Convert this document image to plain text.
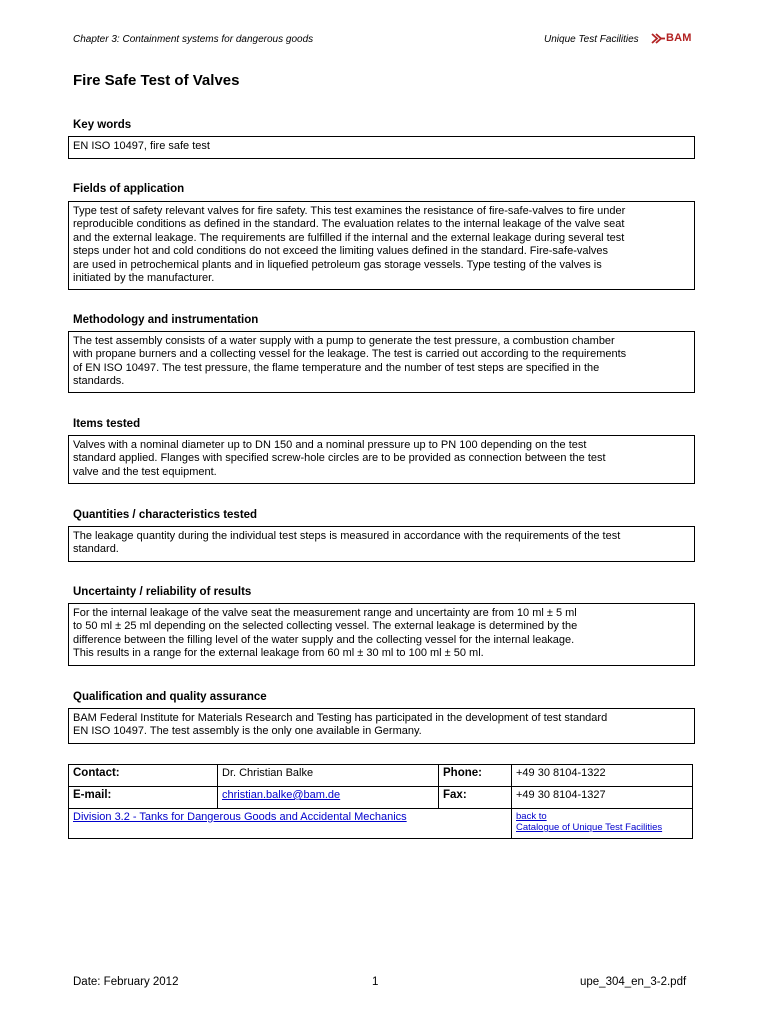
Chapter 3: Containment systems for dangerous goods	Unique Test Facilities BAM
Fire Safe Test of Valves
Key words
EN ISO 10497, fire safe test
Fields of application
Type test of safety relevant valves for fire safety. This test examines the resistance of fire-safe-valves to fire under
reproducible conditions as defined in the standard. The evaluation relates to the internal leakage of the valve seat
and the external leakage. The requirements are fulfilled if the internal and the external leakage during several test
steps under hot and cold conditions do not exceed the limiting values defined in the standard. Fire-safe-valves
are used in petrochemical plants and in liquefied petroleum gas storage vessels. Type testing of the valves is
initiated by the manufacturer.
Methodology and instrumentation
The test assembly consists of a water supply with a pump to generate the test pressure, a combustion chamber
with propane burners and a collecting vessel for the leakage. The test is carried out according to the requirements
of EN ISO 10497. The test pressure, the flame temperature and the number of test steps are specified in the
standards.
Items tested
Valves with a nominal diameter up to DN 150 and a nominal pressure up to PN 100 depending on the test
standard applied. Flanges with specified screw-hole circles are to be provided as connection between the test
valve and the test equipment.
Quantities / characteristics tested
The leakage quantity during the individual test steps is measured in accordance with the requirements of the test
standard.
Uncertainty / reliability of results
For the internal leakage of the valve seat the measurement range and uncertainty are from 10 ml ± 5 ml
to 50 ml ± 25 ml depending on the selected collecting vessel. The external leakage is determined by the
difference between the filling level of the water supply and the collecting vessel for the internal leakage.
This results in a range for the external leakage from 60 ml ± 30 ml to 100 ml ± 50 ml.
Qualification and quality assurance
BAM Federal Institute for Materials Research and Testing has participated in the development of test standard
EN ISO 10497. The test assembly is the only one available in Germany.
Contact:	Dr. Christian Balke	Phone:	+49 30 8104-1322
E-mail:	christian.balke@bam.de	Fax:	+49 30 8104-1327
Division 3.2 - Tanks for Dangerous Goods and Accidental Mechanics			back to
Catalogue of Unique Test Facilities
Date: February 2012	1	upe_304_en_3-2.pdf
